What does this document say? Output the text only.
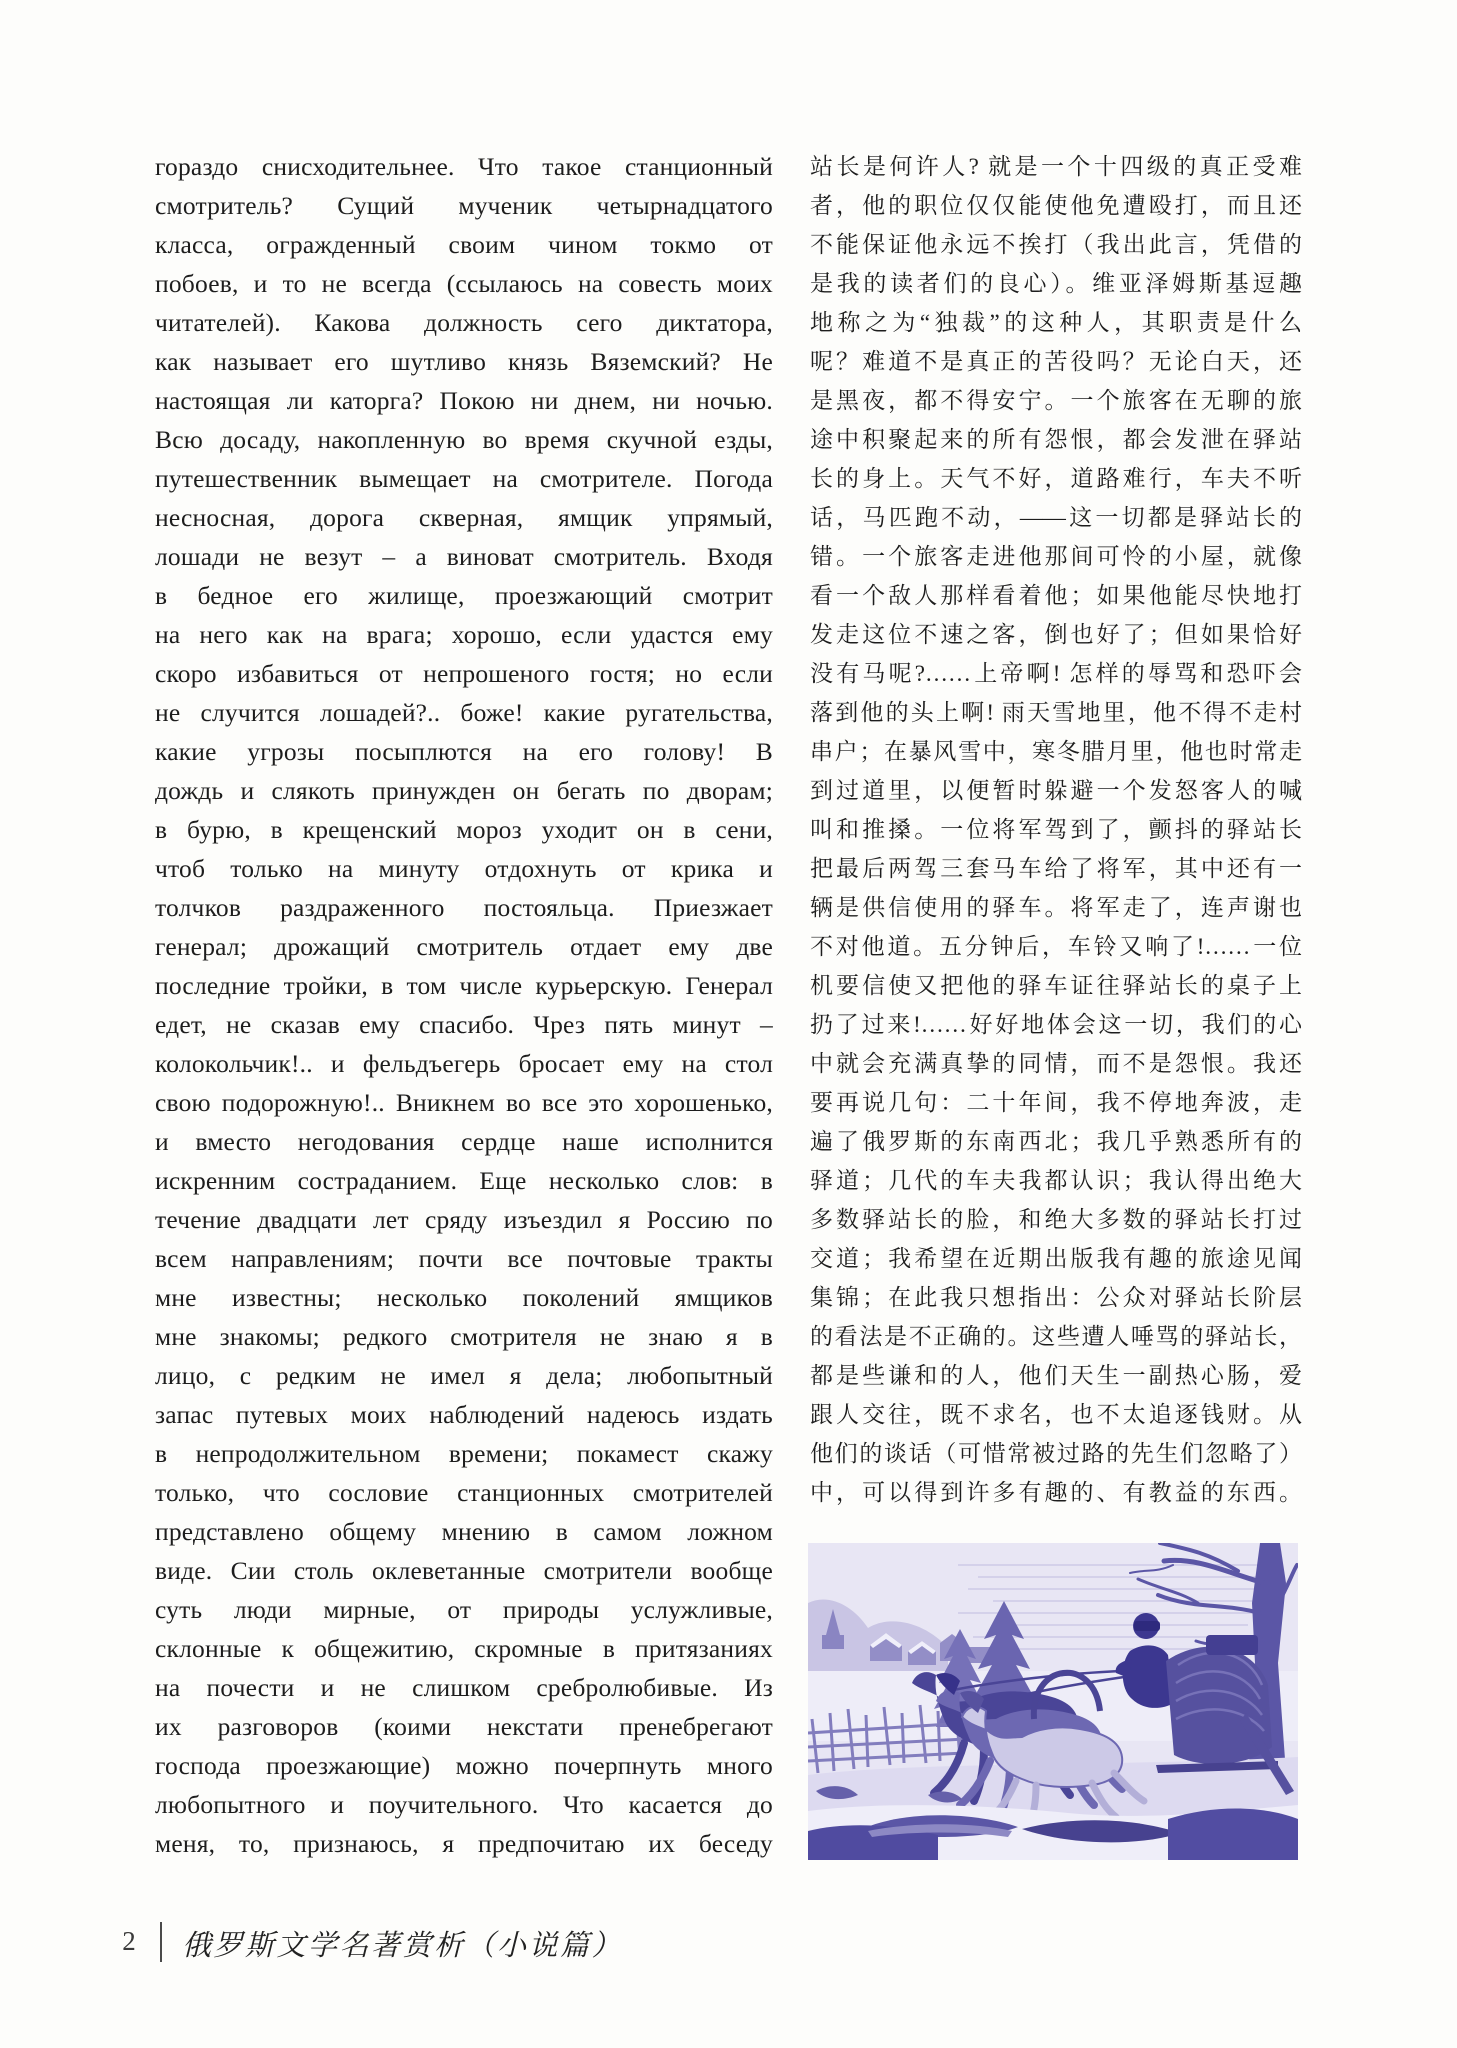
гораздо снисходительнее. Что такое станционный
смотритель? Сущий мученик четырнадцатого
класса, огражденный своим чином токмо от
побоев, и то не всегда (ссылаюсь на совесть моих
читателей). Какова должность сего диктатора,
как называет его шутливо князь Вяземский? Не
настоящая ли каторга? Покою ни днем, ни ночью.
Всю досаду, накопленную во время скучной езды,
путешественник вымещает на смотрителе. Погода
несносная, дорога скверная, ямщик упрямый,
лошади не везут – а виноват смотритель. Входя
в бедное его жилище, проезжающий смотрит
на него как на врага; хорошо, если удастся ему
скоро избавиться от непрошеного гостя; но если
не случится лошадей?.. боже! какие ругательства,
какие угрозы посыплются на его голову! В
дождь и слякоть принужден он бегать по дворам;
в бурю, в крещенский мороз уходит он в сени,
чтоб только на минуту отдохнуть от крика и
толчков раздраженного постояльца. Приезжает
генерал; дрожащий смотритель отдает ему две
последние тройки, в том числе курьерскую. Генерал
едет, не сказав ему спасибо. Чрез пять минут –
колокольчик!.. и фельдъегерь бросает ему на стол
свою подорожную!.. Вникнем во все это хорошенько,
и вместо негодования сердце наше исполнится
искренним состраданием. Еще несколько слов: в
течение двадцати лет сряду изъездил я Россию по
всем направлениям; почти все почтовые тракты
мне известны; несколько поколений ямщиков
мне знакомы; редкого смотрителя не знаю я в
лицо, с редким не имел я дела; любопытный
запас путевых моих наблюдений надеюсь издать
в непродолжительном времени; покамест скажу
только, что сословие станционных смотрителей
представлено общему мнению в самом ложном
виде. Сии столь оклеветанные смотрители вообще
суть люди мирные, от природы услужливые,
склонные к общежитию, скромные в притязаниях
на почести и не слишком сребролюбивые. Из
их разговоров (коими некстати пренебрегают
господа проезжающие) можно почерпнуть много
любопытного и поучительного. Что касается до
меня, то, признаюсь, я предпочитаю их беседу
站长是何许人? 就是一个十四级的真正受难
者，他的职位仅仅能使他免遭殴打，而且还
不能保证他永远不挨打（我出此言，凭借的
是我的读者们的良心）。维亚泽姆斯基逗趣
地称之为“独裁”的这种人，其职责是什么
呢？难道不是真正的苦役吗？无论白天，还
是黑夜，都不得安宁。一个旅客在无聊的旅
途中积聚起来的所有怨恨，都会发泄在驿站
长的身上。天气不好，道路难行，车夫不听
话，马匹跑不动，——这一切都是驿站长的
错。一个旅客走进他那间可怜的小屋，就像
看一个敌人那样看着他；如果他能尽快地打
发走这位不速之客，倒也好了；但如果恰好
没有马呢?……上帝啊! 怎样的辱骂和恐吓会
落到他的头上啊! 雨天雪地里，他不得不走村
串户；在暴风雪中，寒冬腊月里，他也时常走
到过道里，以便暂时躲避一个发怒客人的喊
叫和推搡。一位将军驾到了，颤抖的驿站长
把最后两驾三套马车给了将军，其中还有一
辆是供信使用的驿车。将军走了，连声谢也
不对他道。五分钟后，车铃又响了!……一位
机要信使又把他的驿车证往驿站长的桌子上
扔了过来!……好好地体会这一切，我们的心
中就会充满真挚的同情，而不是怨恨。我还
要再说几句：二十年间，我不停地奔波，走
遍了俄罗斯的东南西北；我几乎熟悉所有的
驿道；几代的车夫我都认识；我认得出绝大
多数驿站长的脸，和绝大多数的驿站长打过
交道；我希望在近期出版我有趣的旅途见闻
集锦；在此我只想指出：公众对驿站长阶层
的看法是不正确的。这些遭人唾骂的驿站长，
都是些谦和的人，他们天生一副热心肠，爱
跟人交往，既不求名，也不太追逐钱财。从
他们的谈话（可惜常被过路的先生们忽略了）
中，可以得到许多有趣的、有教益的东西。
2	俄罗斯文学名著赏析（小说篇）
